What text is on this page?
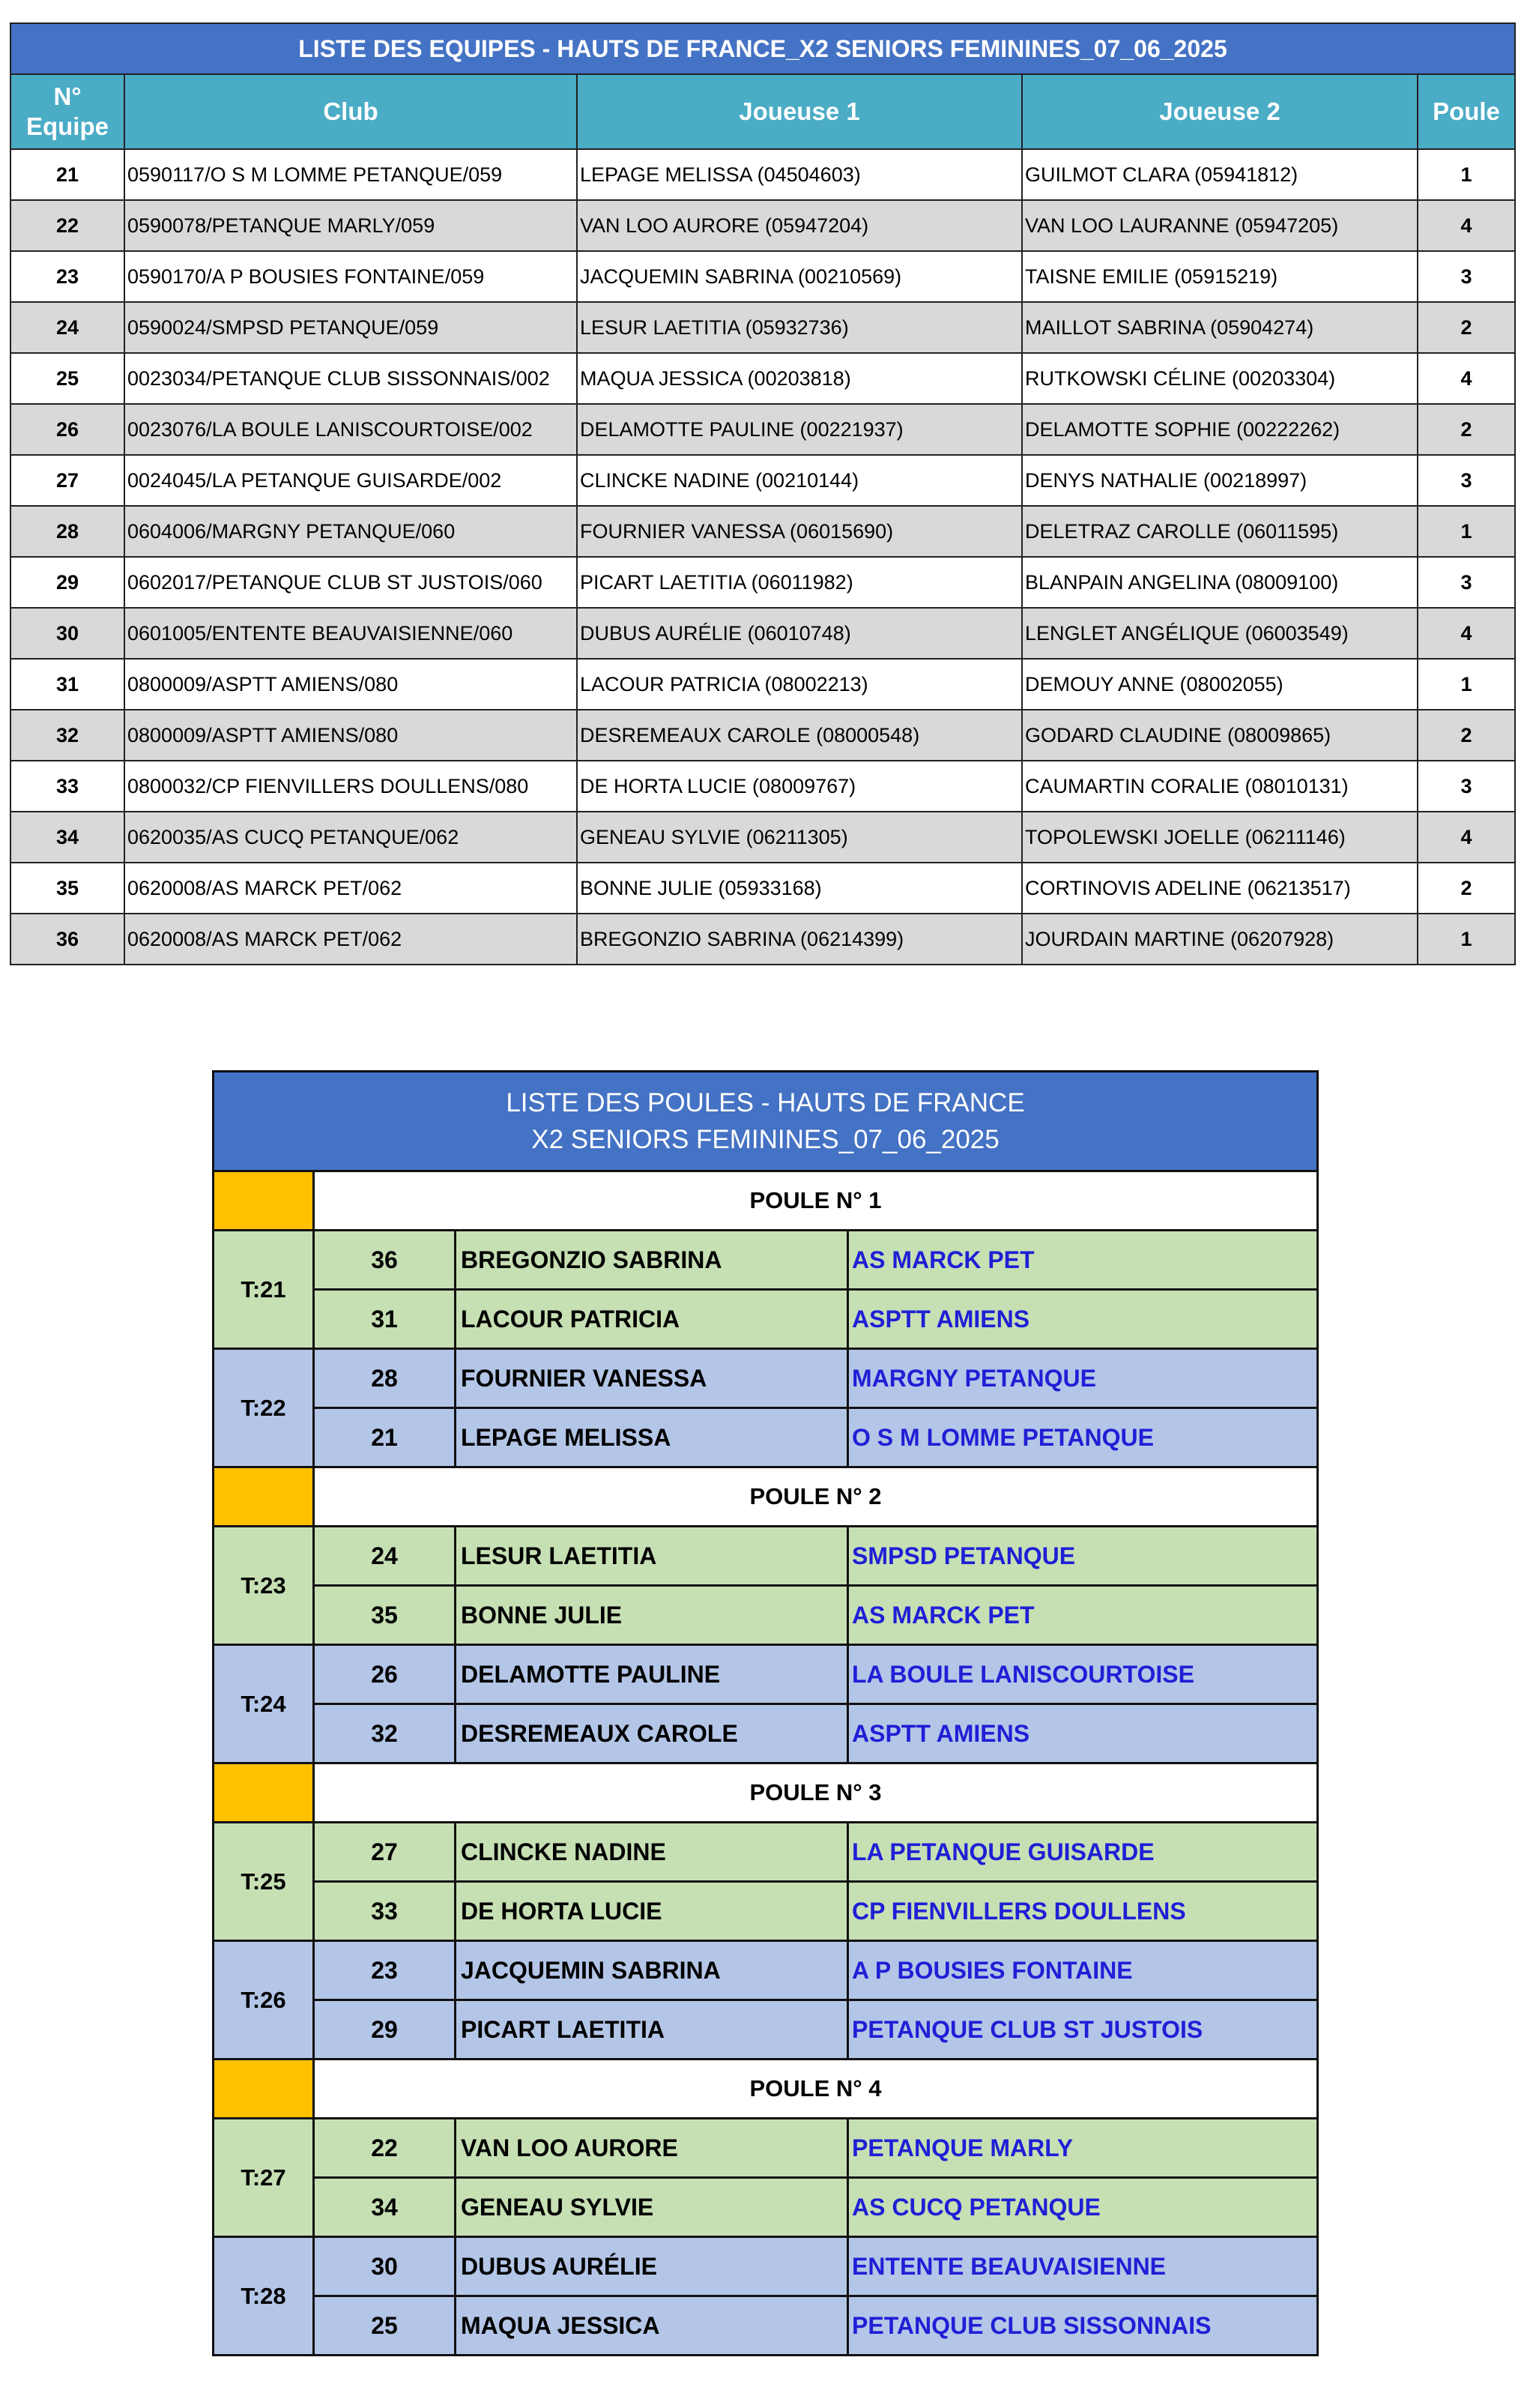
LISTE DES EQUIPES - HAUTS DE FRANCE_X2 SENIORS FEMININES_07_06_2025				
N°
Equipe	Club	Joueuse 1	Joueuse 2	Poule
21	0590117/O S M LOMME PETANQUE/059	LEPAGE MELISSA (04504603)	GUILMOT CLARA (05941812)	1
22	0590078/PETANQUE MARLY/059	VAN LOO AURORE (05947204)	VAN LOO LAURANNE (05947205)	4
23	0590170/A P BOUSIES FONTAINE/059	JACQUEMIN SABRINA (00210569)	TAISNE EMILIE (05915219)	3
24	0590024/SMPSD PETANQUE/059	LESUR LAETITIA (05932736)	MAILLOT SABRINA (05904274)	2
25	0023034/PETANQUE CLUB SISSONNAIS/002	MAQUA JESSICA (00203818)	RUTKOWSKI CÉLINE (00203304)	4
26	0023076/LA BOULE LANISCOURTOISE/002	DELAMOTTE PAULINE (00221937)	DELAMOTTE SOPHIE (00222262)	2
27	0024045/LA PETANQUE GUISARDE/002	CLINCKE NADINE (00210144)	DENYS NATHALIE (00218997)	3
28	0604006/MARGNY PETANQUE/060	FOURNIER VANESSA (06015690)	DELETRAZ CAROLLE (06011595)	1
29	0602017/PETANQUE CLUB ST JUSTOIS/060	PICART LAETITIA (06011982)	BLANPAIN ANGELINA (08009100)	3
30	0601005/ENTENTE BEAUVAISIENNE/060	DUBUS AURÉLIE (06010748)	LENGLET ANGÉLIQUE (06003549)	4
31	0800009/ASPTT AMIENS/080	LACOUR PATRICIA (08002213)	DEMOUY ANNE (08002055)	1
32	0800009/ASPTT AMIENS/080	DESREMEAUX CAROLE (08000548)	GODARD CLAUDINE (08009865)	2
33	0800032/CP FIENVILLERS DOULLENS/080	DE HORTA LUCIE (08009767)	CAUMARTIN CORALIE (08010131)	3
34	0620035/AS CUCQ PETANQUE/062	GENEAU SYLVIE (06211305)	TOPOLEWSKI JOELLE (06211146)	4
35	0620008/AS MARCK PET/062	BONNE JULIE (05933168)	CORTINOVIS ADELINE (06213517)	2
36	0620008/AS MARCK PET/062	BREGONZIO SABRINA (06214399)	JOURDAIN MARTINE (06207928)	1
LISTE DES POULES - HAUTS DE FRANCE
X2 SENIORS FEMININES_07_06_2025			
	POULE N° 1		
T:21	36	BREGONZIO SABRINA	AS MARCK PET
	31	LACOUR PATRICIA	ASPTT AMIENS
T:22	28	FOURNIER VANESSA	MARGNY PETANQUE
	21	LEPAGE MELISSA	O S M LOMME PETANQUE
	POULE N° 2		
T:23	24	LESUR LAETITIA	SMPSD PETANQUE
	35	BONNE JULIE	AS MARCK PET
T:24	26	DELAMOTTE PAULINE	LA BOULE LANISCOURTOISE
	32	DESREMEAUX CAROLE	ASPTT AMIENS
	POULE N° 3		
T:25	27	CLINCKE NADINE	LA PETANQUE GUISARDE
	33	DE HORTA LUCIE	CP FIENVILLERS DOULLENS
T:26	23	JACQUEMIN SABRINA	A P BOUSIES FONTAINE
	29	PICART LAETITIA	PETANQUE CLUB ST JUSTOIS
	POULE N° 4		
T:27	22	VAN LOO AURORE	PETANQUE MARLY
	34	GENEAU SYLVIE	AS CUCQ PETANQUE
T:28	30	DUBUS AURÉLIE	ENTENTE BEAUVAISIENNE
	25	MAQUA JESSICA	PETANQUE CLUB SISSONNAIS
